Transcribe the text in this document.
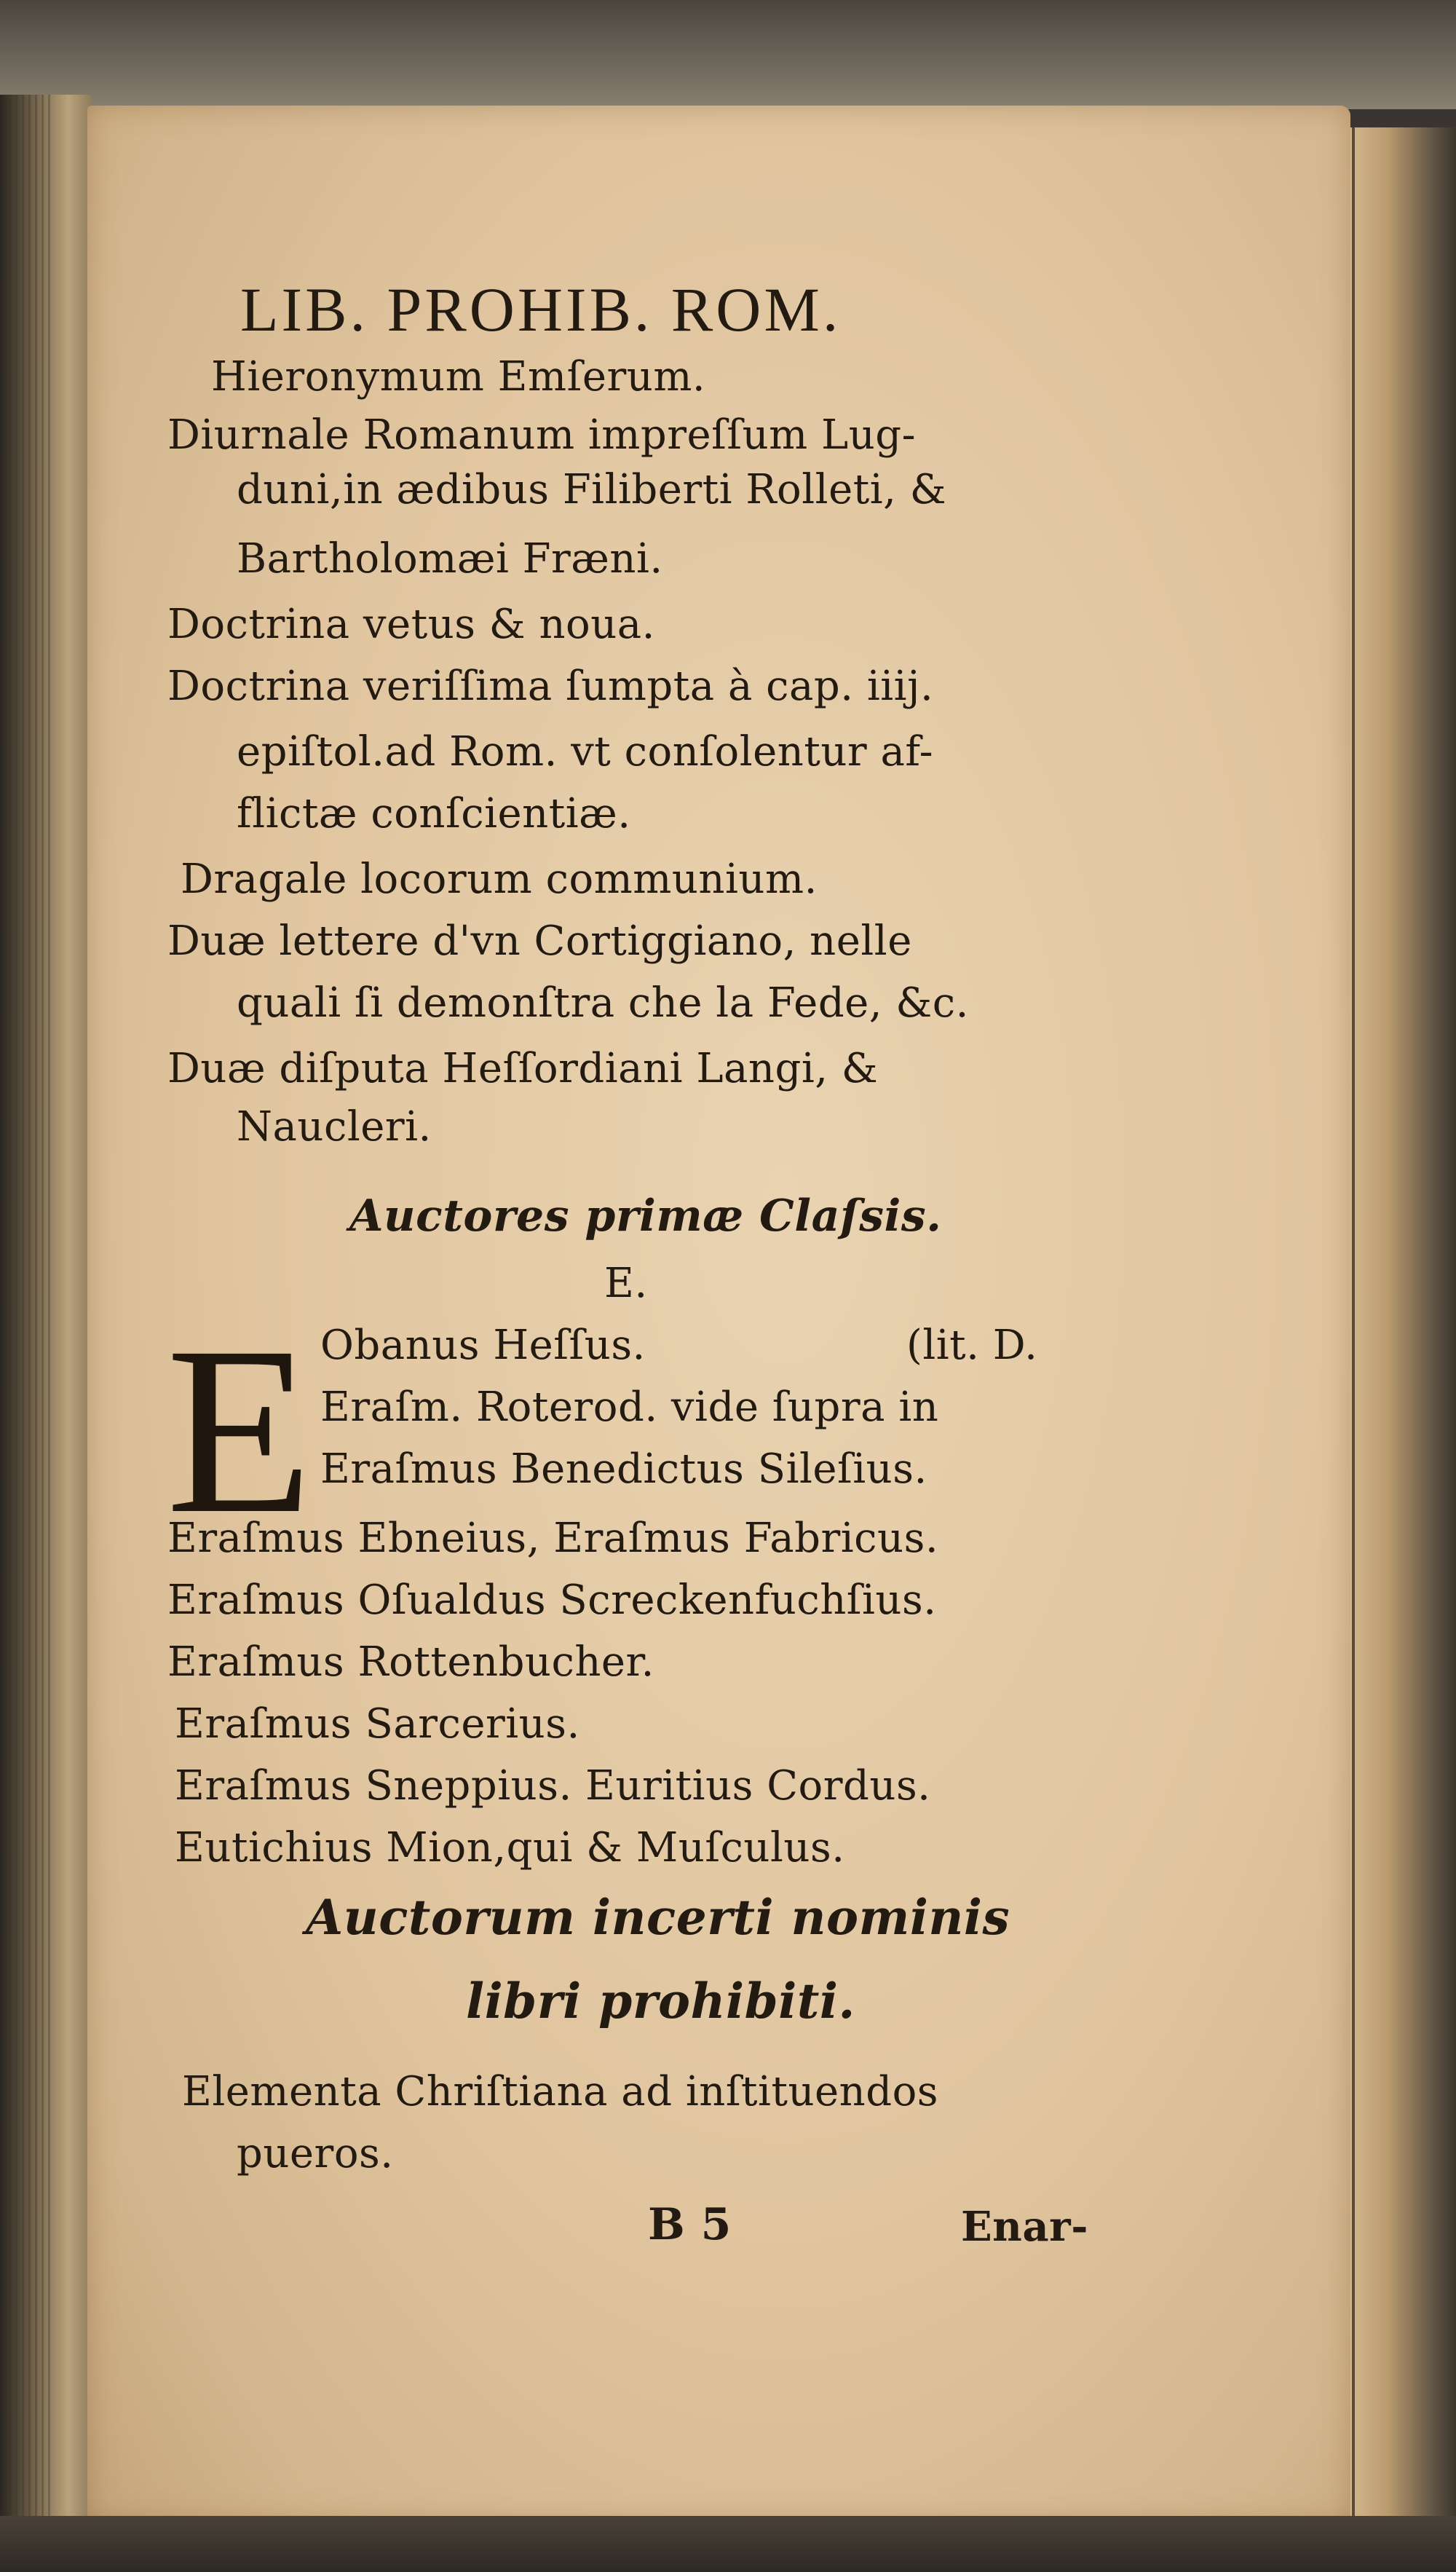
LIB. PROHIB. ROM.
Hieronymum Emſerum.
Diurnale Romanum impreſſum Lug-
duni,in ædibus Filiberti Rolleti, &
Bartholomæi Fræni.
Doctrina vetus & noua.
Doctrina veriſſima ſumpta à cap. iiij.
epiſtol.ad Rom. vt conſolentur af-
flictæ conſcientiæ.
Dragale locorum communium.
Duæ lettere d'vn Cortiggiano, nelle
quali ſi demonſtra che la Fede, &c.
Duæ diſputa Heſſordiani Langi, &
Naucleri.
Auctores primæ Claſsis.
E.
E Obanus Heſſus.	(lit. D.
Eraſm. Roterod. vide ſupra in
Eraſmus Benedictus Sileſius.
Eraſmus Ebneius, Eraſmus Fabricus.
Eraſmus Oſualdus Screckenfuchſius.
Eraſmus Rottenbucher.
Eraſmus Sarcerius.
Eraſmus Sneppius. Euritius Cordus.
Eutichius Mion,qui & Muſculus.
Auctorum incerti nominis
libri prohibiti.
Elementa Chriſtiana ad inſtituendos
pueros.
B 5	Enar-
